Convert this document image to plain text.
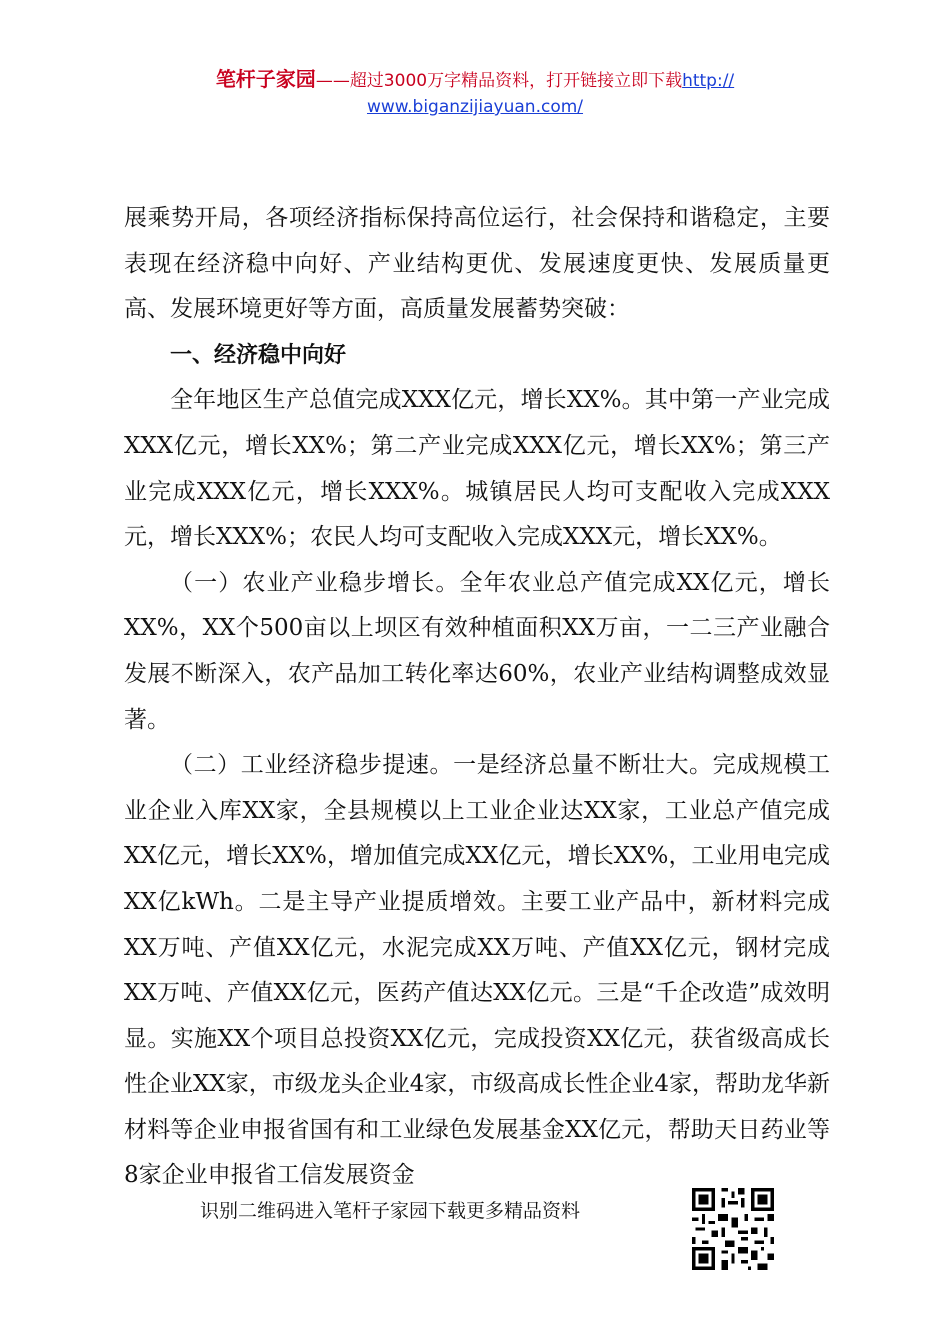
笔杆子家园——超过3000万字精品资料，打开链接立即下载http://
www.biganzijiayuan.com/

展乘势开局，各项经济指标保持高位运行，社会保持和谐稳定，主要表现在经济稳中向好、产业结构更优、发展速度更快、发展质量更高、发展环境更好等方面，高质量发展蓄势突破：

一、经济稳中向好

全年地区生产总值完成XXX亿元，增长XX%。其中第一产业完成XXX亿元，增长XX%；第二产业完成XXX亿元，增长XX%；第三产业完成XXX亿元，增长XXX%。城镇居民人均可支配收入完成XXX元，增长XXX%；农民人均可支配收入完成XXX元，增长XX%。

（一）农业产业稳步增长。全年农业总产值完成XX亿元，增长XX%，XX个500亩以上坝区有效种植面积XX万亩，一二三产业融合发展不断深入，农产品加工转化率达60%，农业产业结构调整成效显著。

（二）工业经济稳步提速。一是经济总量不断壮大。完成规模工业企业入库XX家，全县规模以上工业企业达XX家，工业总产值完成XX亿元，增长XX%，增加值完成XX亿元，增长XX%，工业用电完成XX亿kWh。二是主导产业提质增效。主要工业产品中，新材料完成XX万吨、产值XX亿元，水泥完成XX万吨、产值XX亿元，钢材完成XX万吨、产值XX亿元，医药产值达XX亿元。三是“千企改造”成效明显。实施XX个项目总投资XX亿元，完成投资XX亿元，获省级高成长性企业XX家，市级龙头企业4家，市级高成长性企业4家，帮助龙华新材料等企业申报省国有和工业绿色发展基金XX亿元，帮助天日药业等8家企业申报省工信发展资金

识别二维码进入笔杆子家园下载更多精品资料
